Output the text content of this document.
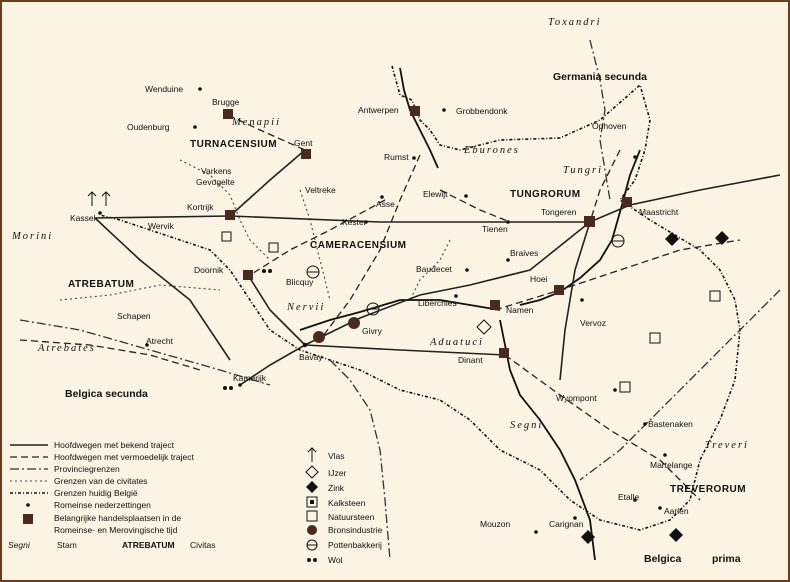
Toxandri
Germania secunda
Menapii
Eburones
Tungri
Morini
Nervii
Atrebates
Aduatuci
Segni
Treveri
TURNACENSIUM
TUNGRORUM
CAMERACENSIUM
ATREBATUM
Belgica secunda
TREVERORUM
Belgica	prima
Wenduine
Brugge
Oudenburg
Antwerpen	Grobbendonk
Ophoven
Gent
Rumst
Varkens
Gevogelte
Veltreke
Asse
Elewijt
Kassel
Kortrijk
Wervik	Kester
Tienen
Tongeren	Maastricht
Doornik
Blicquy
Baudecet
Braives
Hoei
Schapen
Liberchies
Namen
Givry
Vervoz
Atrecht
Bavay	Dinant
Kamerijk
Wyompont
Bastenaken
Martelange
Etalle
Aarlen
Mouzon	Carignan
Hoofdwegen met bekend traject
Hoofdwegen met vermoedelijk traject
Provinciegrenzen
Grenzen van de civitates
Grenzen huidig België
Romeinse nederzettingen
Belangrijke handelsplaatsen in de
Romeinse- en Merovingische tijd
Segni	Stam	ATREBATUM Civitas
Vlas
IJzer
Zink
Kalksteen
Natuursteen
Bronsindustrie
Pottenbakkerij
Wol
